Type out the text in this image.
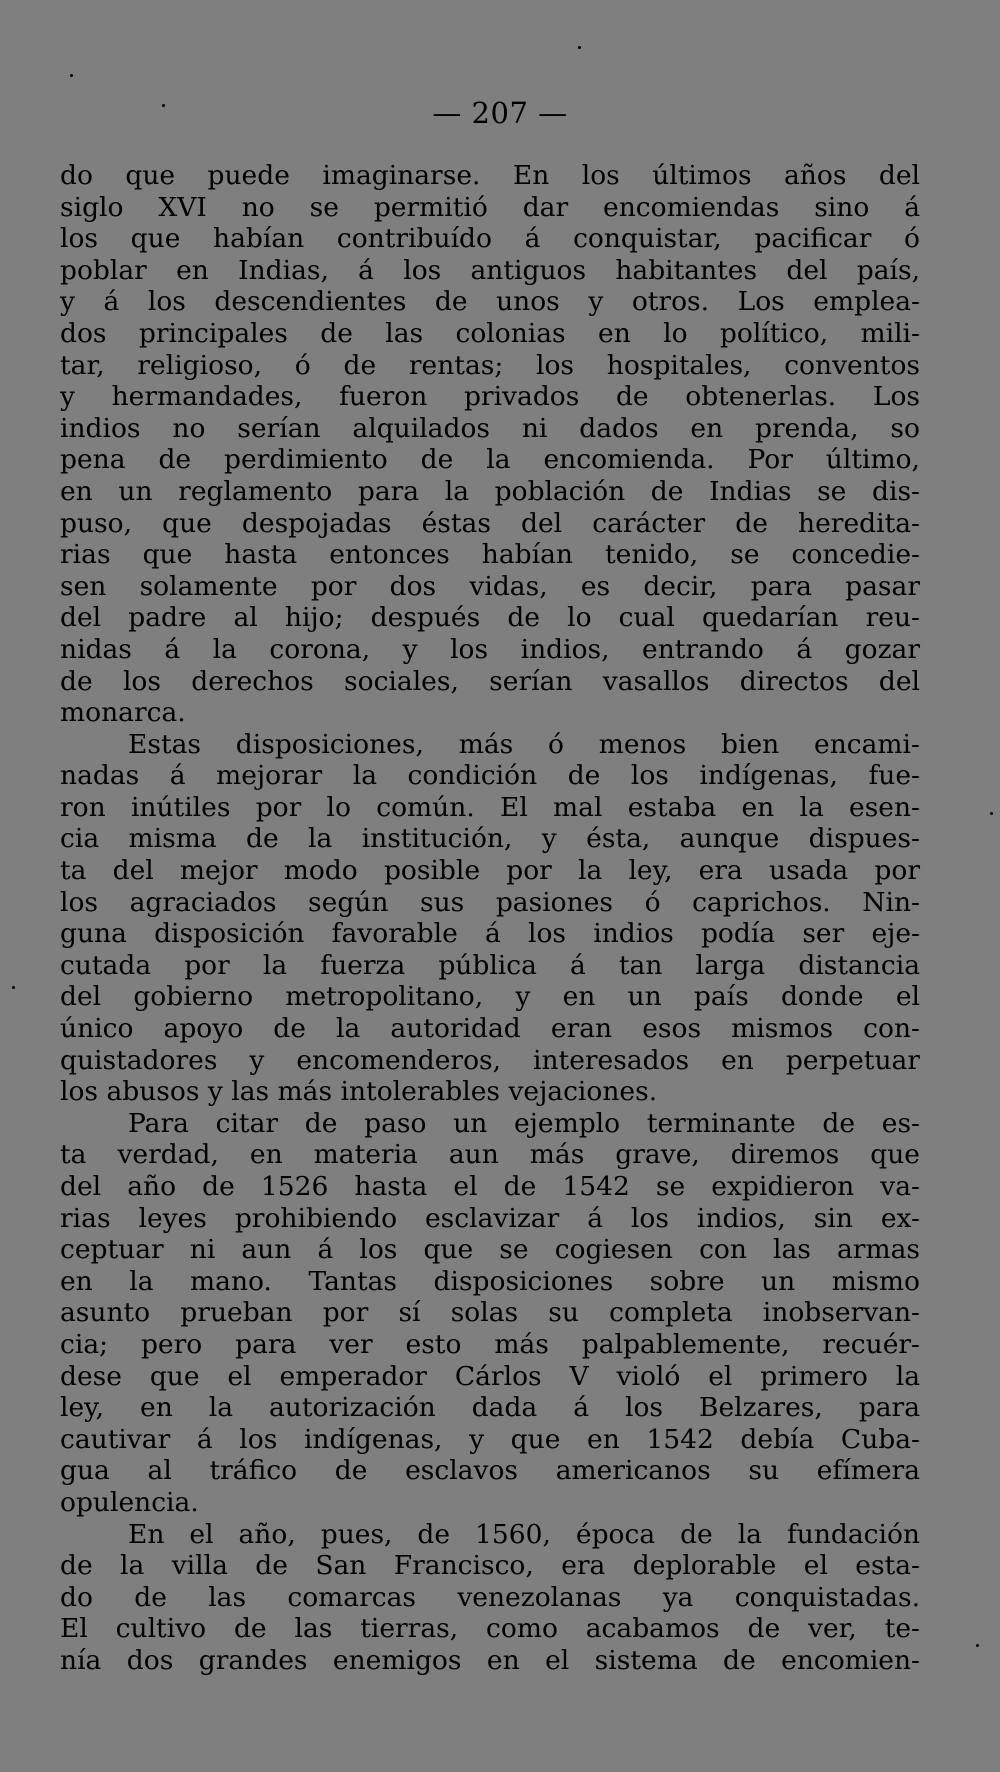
— 207 —
do que puede imaginarse. En los últimos años del
siglo XVI no se permitió dar encomiendas sino á
los que habían contribuído á conquistar, pacificar ó
poblar en Indias, á los antiguos habitantes del país,
y á los descendientes de unos y otros. Los emplea-
dos principales de las colonias en lo político, mili-
tar, religioso, ó de rentas; los hospitales, conventos
y hermandades, fueron privados de obtenerlas. Los
indios no serían alquilados ni dados en prenda, so
pena de perdimiento de la encomienda. Por último,
en un reglamento para la población de Indias se dis-
puso, que despojadas éstas del carácter de heredita-
rias que hasta entonces habían tenido, se concedie-
sen solamente por dos vidas, es decir, para pasar
del padre al hijo; después de lo cual quedarían reu-
nidas á la corona, y los indios, entrando á gozar
de los derechos sociales, serían vasallos directos del
monarca.
Estas disposiciones, más ó menos bien encami-
nadas á mejorar la condición de los indígenas, fue-
ron inútiles por lo común. El mal estaba en la esen-
cia misma de la institución, y ésta, aunque dispues-
ta del mejor modo posible por la ley, era usada por
los agraciados según sus pasiones ó caprichos. Nin-
guna disposición favorable á los indios podía ser eje-
cutada por la fuerza pública á tan larga distancia
del gobierno metropolitano, y en un país donde el
único apoyo de la autoridad eran esos mismos con-
quistadores y encomenderos, interesados en perpetuar
los abusos y las más intolerables vejaciones.
Para citar de paso un ejemplo terminante de es-
ta verdad, en materia aun más grave, diremos que
del año de 1526 hasta el de 1542 se expidieron va-
rias leyes prohibiendo esclavizar á los indios, sin ex-
ceptuar ni aun á los que se cogiesen con las armas
en la mano. Tantas disposiciones sobre un mismo
asunto prueban por sí solas su completa inobservan-
cia; pero para ver esto más palpablemente, recuér-
dese que el emperador Cárlos V violó el primero la
ley, en la autorización dada á los Belzares, para
cautivar á los indígenas, y que en 1542 debía Cuba-
gua al tráfico de esclavos americanos su efímera
opulencia.
En el año, pues, de 1560, época de la fundación
de la villa de San Francisco, era deplorable el esta-
do de las comarcas venezolanas ya conquistadas.
El cultivo de las tierras, como acabamos de ver, te-
nía dos grandes enemigos en el sistema de encomien-
